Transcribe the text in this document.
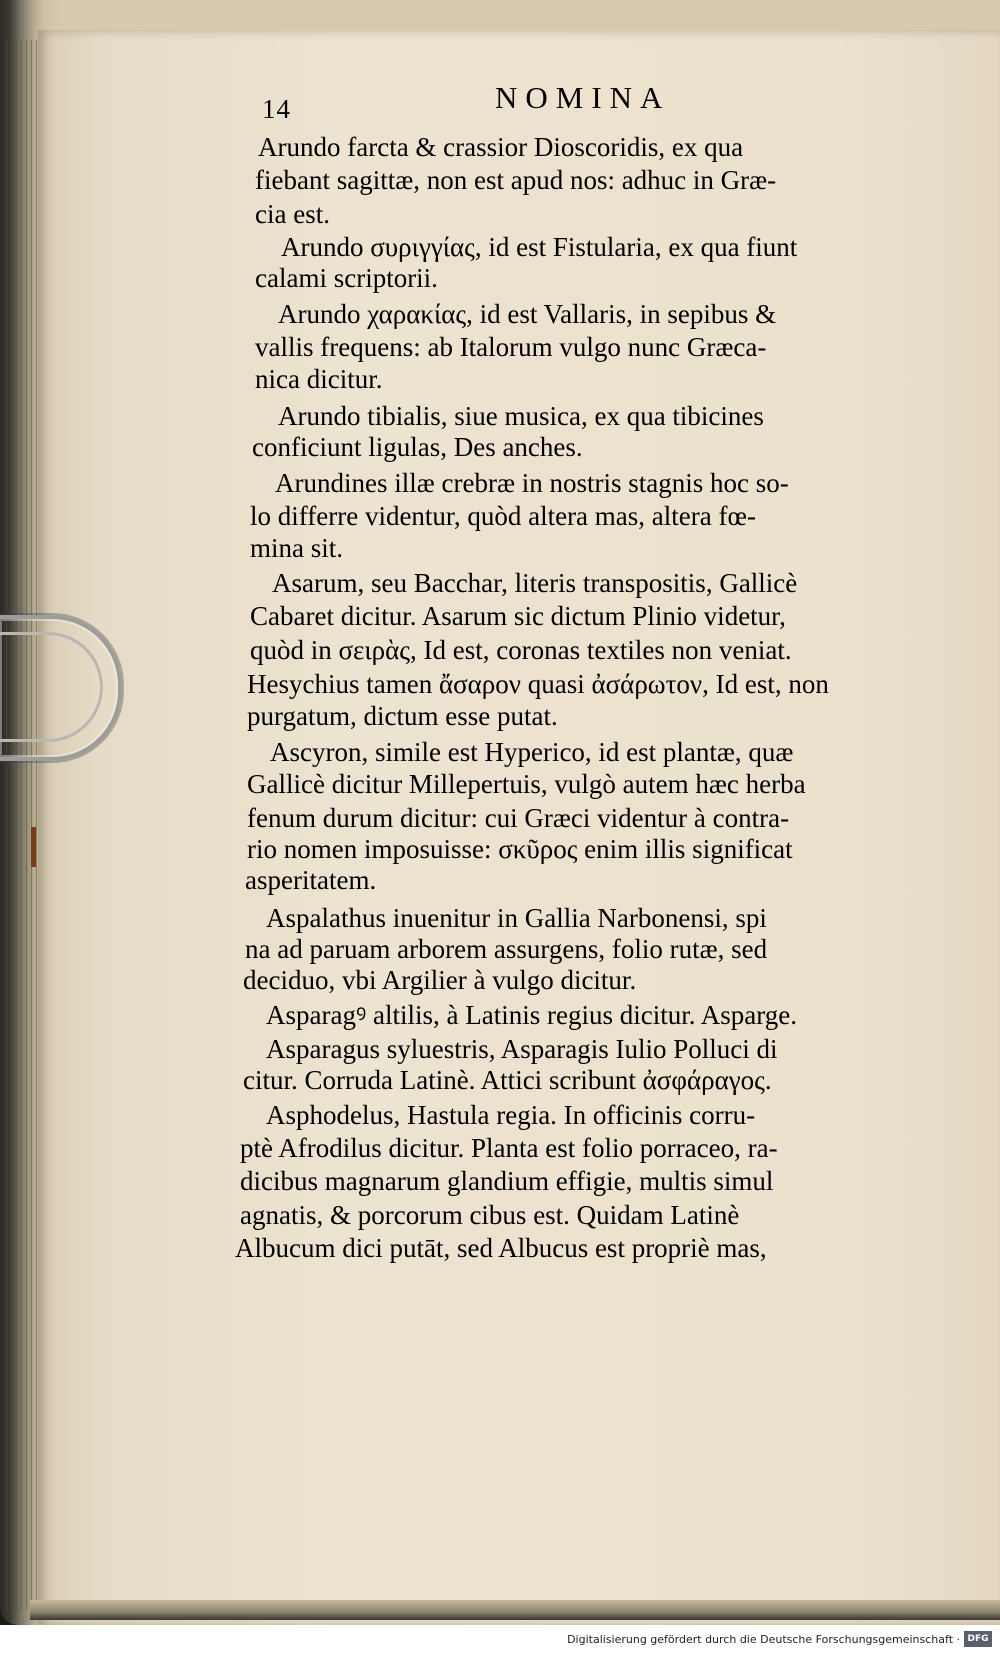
14	NOMINA
Arundo farcta & crassior Dioscoridis, ex qua
fiebant sagittæ, non est apud nos: adhuc in Græ-
cia est.
Arundo συριγγίας, id est Fistularia, ex qua fiunt
calami scriptorii.
Arundo χαρακίας, id est Vallaris, in sepibus &
vallis frequens: ab Italorum vulgo nunc Græca-
nica dicitur.
Arundo tibialis, siue musica, ex qua tibicines
conficiunt ligulas, Des anches.
Arundines illæ crebræ in nostris stagnis hoc so-
lo differre videntur, quòd altera mas, altera fœ-
mina sit.
Asarum, seu Bacchar, literis transpositis, Gallicè
Cabaret dicitur. Asarum sic dictum Plinio videtur,
quòd in σειρὰς, Id est, coronas textiles non veniat.
Hesychius tamen ἄσαρον quasi ἀσάρωτον, Id est, non
purgatum, dictum esse putat.
Ascyron, simile est Hyperico, id est plantæ, quæ
Gallicè dicitur Millepertuis, vulgò autem hæc herba
fenum durum dicitur: cui Græci videntur à contra-
rio nomen imposuisse: σκῦρος enim illis significat
asperitatem.
Aspalathus inuenitur in Gallia Narbonensi, spi
na ad paruam arborem assurgens, folio rutæ, sed
deciduo, vbi Argilier à vulgo dicitur.
Asparagꝰ altilis, à Latinis regius dicitur. Asparge.
Asparagus syluestris, Asparagis Iulio Polluci di
citur. Corruda Latinè. Attici scribunt ἀσφάραγος.
Asphodelus, Hastula regia. In officinis corru-
ptè Afrodilus dicitur. Planta est folio porraceo, ra-
dicibus magnarum glandium effigie, multis simul
agnatis, & porcorum cibus est. Quidam Latinè
Albucum dici putāt, sed Albucus est propriè mas,
Digitalisierung gefördert durch die Deutsche Forschungsgemeinschaft · DFG
